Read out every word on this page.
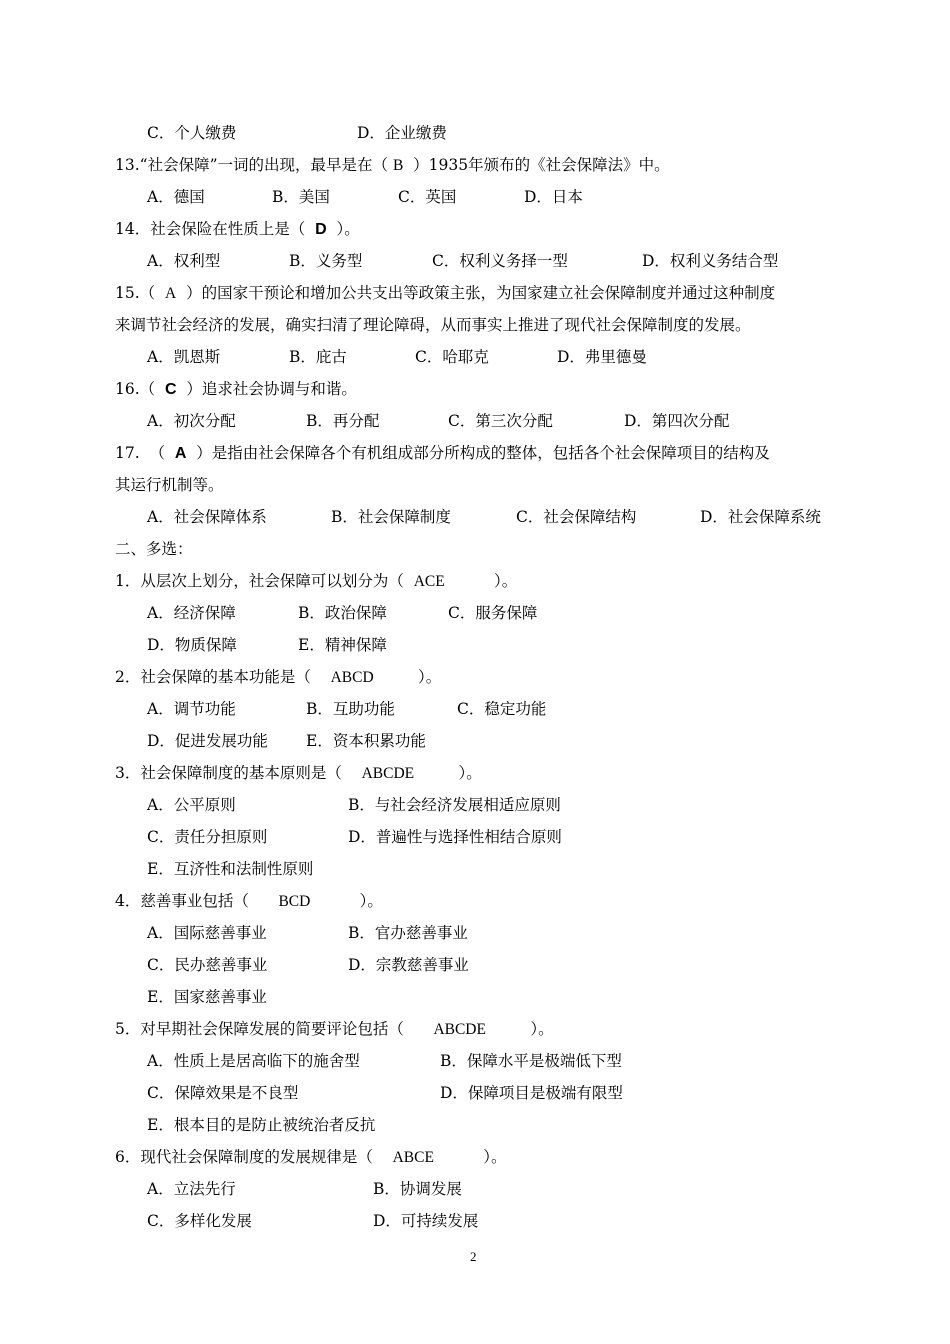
C．个人缴费	D．企业缴费
13.“社会保障”一词的出现，最早是在（ B  ）1935年颁布的《社会保障法》中。
A．德国	B．美国	C．英国	D．日本
14．社会保险在性质上是（  D  ）。
A．权利型	B．义务型	C．权利义务择一型	D．权利义务结合型
15.（  A  ）的国家干预论和增加公共支出等政策主张，为国家建立社会保障制度并通过这种制度
来调节社会经济的发展，确实扫清了理论障碍，从而事实上推进了现代社会保障制度的发展。
A．凯恩斯	B．庇古	C．哈耶克	D．弗里德曼
16.（  C  ）追求社会协调与和谐。
A．初次分配	B．再分配	C．第三次分配	D．第四次分配
17.  （  A  ）是指由社会保障各个有机组成部分所构成的整体，包括各个社会保障项目的结构及
其运行机制等。
A．社会保障体系	B．社会保障制度	C．社会保障结构	D．社会保障系统
二、多选：
1．从层次上划分，社会保障可以划分为（  ACE          ）。
A．经济保障	B．政治保障	C．服务保障
D．物质保障	E．精神保障
2．社会保障的基本功能是（    ABCD         ）。
A．调节功能	B．互助功能	C．稳定功能
D．促进发展功能 E．资本积累功能
3．社会保障制度的基本原则是（    ABCDE         ）。
A．公平原则	B．与社会经济发展相适应原则
C．责任分担原则	D．普遍性与选择性相结合原则
E．互济性和法制性原则
4．慈善事业包括（      BCD          ）。
A．国际慈善事业	B．官办慈善事业
C．民办慈善事业	D．宗教慈善事业
E．国家慈善事业
5．对早期社会保障发展的简要评论包括（      ABCDE         ）。
A．性质上是居高临下的施舍型	B．保障水平是极端低下型
C．保障效果是不良型	D．保障项目是极端有限型
E．根本目的是防止被统治者反抗
6．现代社会保障制度的发展规律是（    ABCE          ）。
A．立法先行	B．协调发展
C．多样化发展	D．可持续发展
2
